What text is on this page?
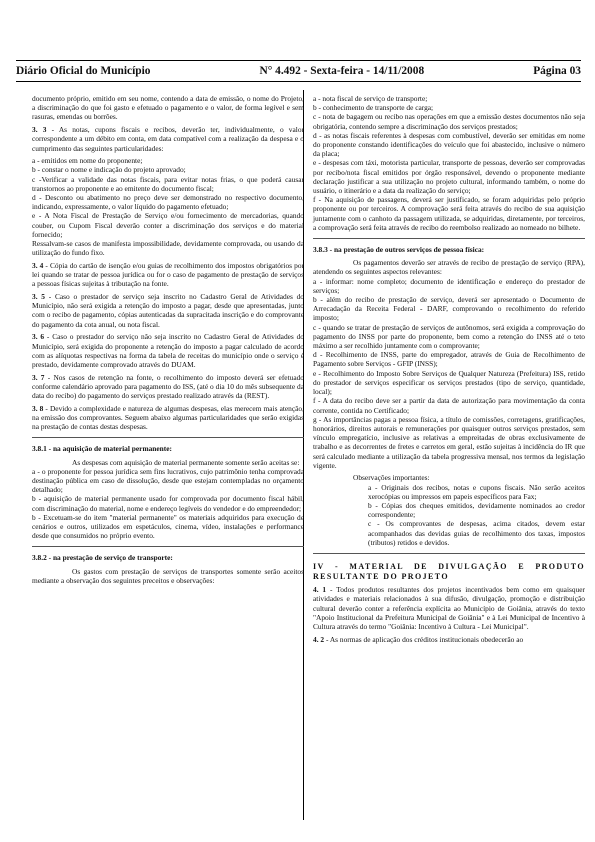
Diário Oficial do Município	N° 4.492 - Sexta-feira - 14/11/2008	Página 03

documento próprio, emitido em seu nome, contendo a data de emissão, o nome do Projeto, a discriminação do que foi gasto e efetuado o pagamento e o valor, de forma legível e sem rasuras, emendas ou borrões.

3. 3 - As notas, cupons fiscais e recibos, deverão ter, individualmente, o valor correspondente a um débito em conta, em data compatível com a realização da despesa e o cumprimento das seguintes particularidades:

a - emitidos em nome do proponente;

b - constar o nome e indicação do projeto aprovado;

c -Verificar a validade das notas fiscais, para evitar notas frias, o que poderá causar transtornos ao proponente e ao emitente do documento fiscal;

d - Desconto ou abatimento no preço deve ser demonstrado no respectivo documento, indicando, expressamente, o valor líquido do pagamento efetuado;

e - A Nota Fiscal de Prestação de Serviço e/ou fornecimento de mercadorias, quando couber, ou Cupom Fiscal deverão conter a discriminação dos serviços e do material fornecido;

Ressalvam-se casos de manifesta impossibilidade, devidamente comprovada, ou usando da utilização do fundo fixo.

3. 4 - Cópia do cartão de isenção e/ou guias de recolhimento dos impostos obrigatórios por lei quando se tratar de pessoa jurídica ou for o caso de pagamento de prestação de serviços a pessoas físicas sujeitas à tributação na fonte.

3. 5 - Caso o prestador de serviço seja inscrito no Cadastro Geral de Atividades do Município, não será exigida a retenção do imposto a pagar, desde que apresentadas, junto com o recibo de pagamento, cópias autenticadas da supracitada inscrição e do comprovante do pagamento da cota anual, ou nota fiscal.

3. 6 - Caso o prestador do serviço não seja inscrito no Cadastro Geral de Atividades do Município, será exigida do proponente a retenção do imposto a pagar calculado de acordo com as alíquotas respectivas na forma da tabela de receitas do município onde o serviço é prestado, devidamente comprovado através do DUAM.

3. 7 - Nos casos de retenção na fonte, o recolhimento do imposto deverá ser efetuado conforme calendário aprovado para pagamento do ISS, (até o dia 10 do mês subsequente da data do recibo) do pagamento do serviços prestado realizado através da (REST).

3. 8 - Devido a complexidade e natureza de algumas despesas, elas merecem mais atenção, na emissão dos comprovantes. Seguem abaixo algumas particularidades que serão exigidas na prestação de contas destas despesas.

3.8.1 - na aquisição de material permanente:

As despesas com aquisição de material permanente somente serão aceitas se:

a - o proponente for pessoa jurídica sem fins lucrativos, cujo patrimônio tenha comprovada destinação pública em caso de dissolução, desde que estejam contempladas no orçamento detalhado;

b - aquisição de material permanente usado for comprovada por documento fiscal hábil, com discriminação do material, nome e endereço legíveis do vendedor e do empreendedor;

b - Excetuam-se do item "material permanente" os materiais adquiridos para execução de cenários e outros, utilizados em espetáculos, cinema, vídeo, instalações e performance desde que consumidos no próprio evento.

3.8.2 - na prestação de serviço de transporte:

Os gastos com prestação de serviços de transportes somente serão aceitos mediante a observação dos seguintes preceitos e observações:

a - nota fiscal de serviço de transporte;

b - conhecimento de transporte de carga;

c - nota de bagagem ou recibo nas operações em que a emissão destes documentos não seja obrigatória, contendo sempre a discriminação dos serviços prestados;

d - as notas fiscais referentes à despesas com combustível, deverão ser emitidas em nome do proponente constando identificações do veículo que foi abastecido, inclusive o número da placa;

e - despesas com táxi, motorista particular, transporte de pessoas, deverão ser comprovadas por recibo/nota fiscal emitidos por órgão responsável, devendo o proponente mediante declaração justificar a sua utilização no projeto cultural, informando também, o nome do usuário, o itinerário e a data da realização do serviço;

f - Na aquisição de passagens, deverá ser justificado, se foram adquiridas pelo próprio proponente ou por terceiros. A comprovação será feita através do recibo de sua aquisição juntamente com o canhoto da passagem utilizada, se adquiridas, diretamente, por terceiros, a comprovação será feita através de recibo do reembolso realizado ao nomeado no bilhete.

3.8.3 - na prestação de outros serviços de pessoa física:

Os pagamentos deverão ser através de recibo de prestação de serviço (RPA), atendendo os seguintes aspectos relevantes:

a - informar: nome completo; documento de identificação e endereço do prestador de serviços;

b - além do recibo de prestação de serviço, deverá ser apresentado o Documento de Arrecadação da Receita Federal - DARF, comprovando o recolhimento do referido imposto;

c - quando se tratar de prestação de serviços de autônomos, será exigida a comprovação do pagamento do INSS por parte do proponente, bem como a retenção do INSS até o teto máximo a ser recolhido juntamente com o comprovante;

d - Recolhimento de INSS, parte do empregador, através de Guia de Recolhimento de Pagamento sobre Serviços - GFIP (INSS);

e - Recolhimento do Imposto Sobre Serviços de Qualquer Natureza (Prefeitura) ISS, retido do prestador de serviços especificar os serviços prestados (tipo de serviço, quantidade, local);

f - A data do recibo deve ser a partir da data de autorização para movimentação da conta corrente, contida no Certificado;

g - As importâncias pagas a pessoa física, a título de comissões, corretagens, gratificações, honorários, direitos autorais e remunerações por quaisquer outros serviços prestados, sem vínculo empregatício, inclusive as relativas a empreitadas de obras exclusivamente de trabalho e as decorrentes de fretes e carretos em geral, estão sujeitas à incidência do IR que será calculado mediante a utilização da tabela progressiva mensal, nos termos da legislação vigente.

Observações importantes:

a - Originais dos recibos, notas e cupons fiscais. Não serão aceitos xerocópias ou impressos em papeis específicos para Fax;

b - Cópias dos cheques emitidos, devidamente nominados ao credor correspondente;

c - Os comprovantes de despesas, acima citados, devem estar acompanhados das devidas guias de recolhimento dos taxas, impostos (tributos) retidos e devidos.

IV - MATERIAL DE DIVULGAÇÃO E PRODUTO RESULTANTE DO PROJETO

4. 1 - Todos produtos resultantes dos projetos incentivados bem como em quaisquer atividades e materiais relacionados à sua difusão, divulgação, promoção e distribuição cultural deverão conter a referência explícita ao Município de Goiânia, através do texto "Apoio Institucional da Prefeitura Municipal de Goiânia" e à Lei Municipal de Incentivo à Cultura através do termo "Goiânia: Incentivo à Cultura - Lei Municipal".

4. 2 - As normas de aplicação dos créditos institucionais obedecerão ao
